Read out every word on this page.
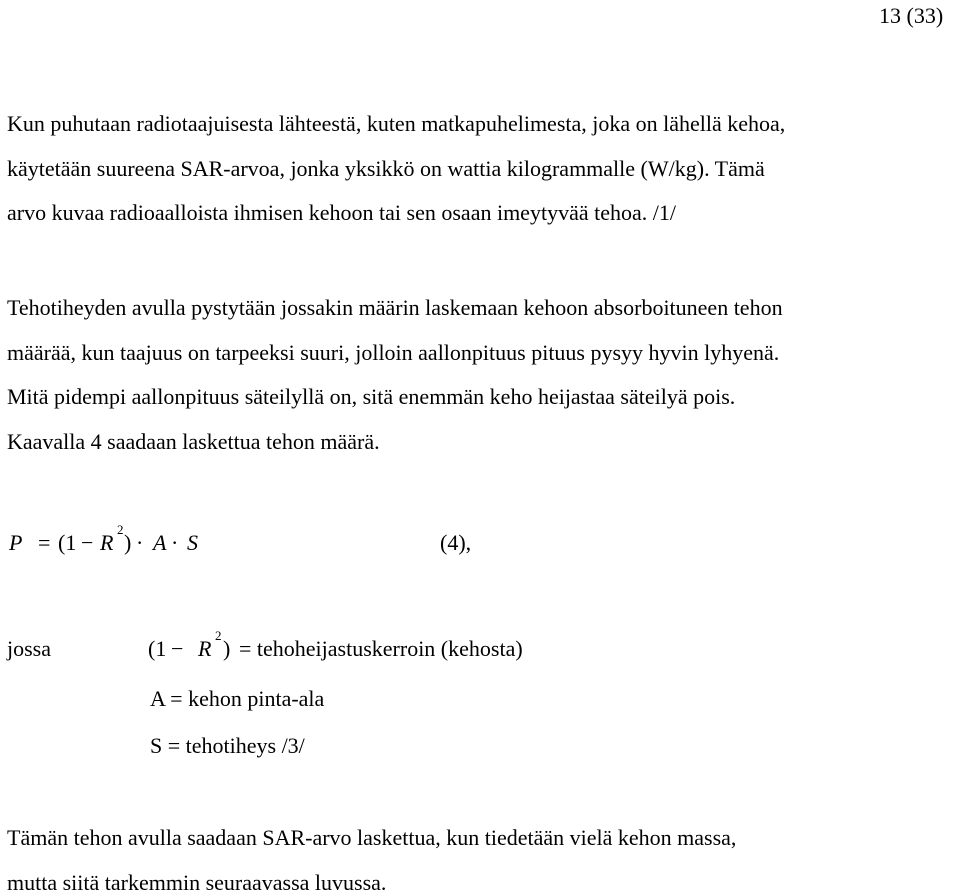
13 (33)

Kun puhutaan radiotaajuisesta lähteestä, kuten matkapuhelimesta, joka on lähellä kehoa,

käytetään suureena SAR-arvoa, jonka yksikkö on wattia kilogrammalle (W/kg). Tämä

arvo kuvaa radioaalloista ihmisen kehoon tai sen osaan imeytyvää tehoa. /1/

Tehotiheyden avulla pystytään jossakin määrin laskemaan kehoon absorboituneen tehon

määrää, kun taajuus on tarpeeksi suuri, jolloin aallonpituus pituus pysyy hyvin lyhyenä.

Mitä pidempi aallonpituus säteilyllä on, sitä enemmän keho heijastaa säteilyä pois.

Kaavalla 4 saadaan laskettua tehon määrä.

P = (1 − R
2
) · A · S	(4),
jossa	(1 − R
2
) = tehoheijastuskerroin (kehosta)

A = kehon pinta-ala

S = tehotiheys /3/

Tämän tehon avulla saadaan SAR-arvo laskettua, kun tiedetään vielä kehon massa,

mutta siitä tarkemmin seuraavassa luvussa.
